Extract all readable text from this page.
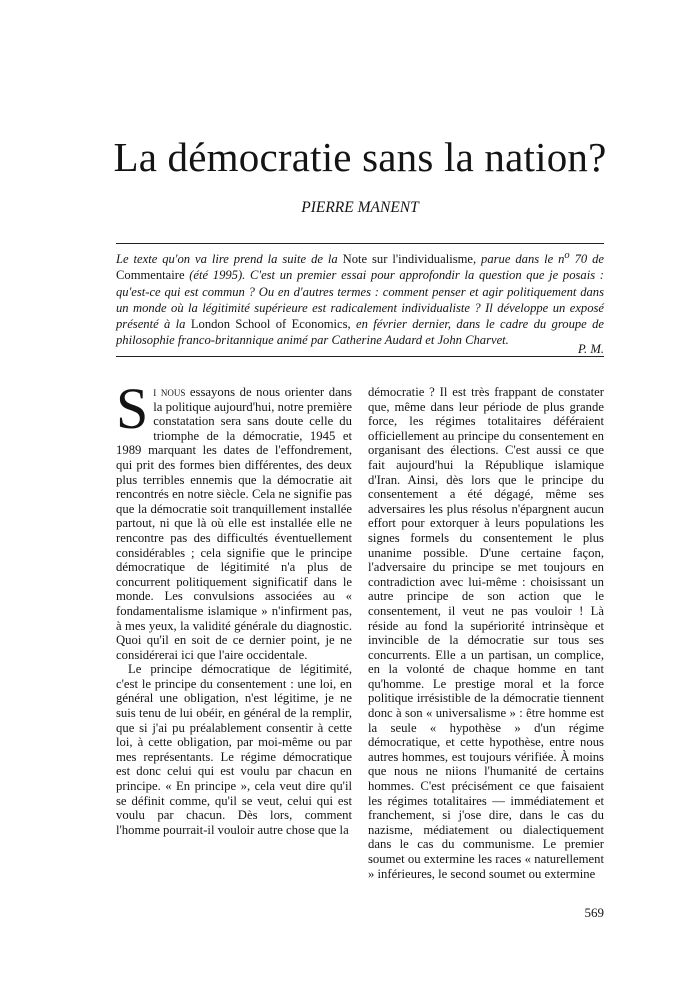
La démocratie sans la nation?
PIERRE MANENT

Le texte qu'on va lire prend la suite de la Note sur l'individualisme, parue dans le $n^o$ 70 de Commentaire (été 1995). C'est un premier essai pour approfondir la question que je posais : qu'est-ce qui est commun ? Ou en d'autres termes : comment penser et agir politiquement dans un monde où la légitimité supérieure est radicalement individualiste ? Il développe un exposé présenté à la London School of Economics, en février dernier, dans le cadre du groupe de philosophie franco-britannique animé par Catherine Audard et John Charvet.

P. M.

Si nous essayons de nous orienter dans la politique aujourd'hui, notre première constatation sera sans doute celle du triomphe de la démocratie, 1945 et 1989 marquant les dates de l'effondrement, qui prit des formes bien différentes, des deux plus terribles ennemis que la démocratie ait rencontrés en notre siècle. Cela ne signifie pas que la démocratie soit tranquillement installée partout, ni que là où elle est installée elle ne rencontre pas des difficultés éventuellement considérables ; cela signifie que le principe démocratique de légitimité n'a plus de concurrent politiquement significatif dans le monde. Les convulsions associées au « fondamentalisme islamique » n'infirment pas, à mes yeux, la validité générale du diagnostic. Quoi qu'il en soit de ce dernier point, je ne considérerai ici que l'aire occidentale.

Le principe démocratique de légitimité, c'est le principe du consentement : une loi, en général une obligation, n'est légitime, je ne suis tenu de lui obéir, en général de la remplir, que si j'ai pu préalablement consentir à cette loi, à cette obligation, par moi-même ou par mes représentants. Le régime démocratique est donc celui qui est voulu par chacun en principe. « En principe », cela veut dire qu'il se définit comme, qu'il se veut, celui qui est voulu par chacun. Dès lors, comment l'homme pourrait-il vouloir autre chose que la

démocratie ? Il est très frappant de constater que, même dans leur période de plus grande force, les régimes totalitaires déféraient officiellement au principe du consentement en organisant des élections. C'est aussi ce que fait aujourd'hui la République islamique d'Iran. Ainsi, dès lors que le principe du consentement a été dégagé, même ses adversaires les plus résolus n'épargnent aucun effort pour extorquer à leurs populations les signes formels du consentement le plus unanime possible. D'une certaine façon, l'adversaire du principe se met toujours en contradiction avec lui-même : choisissant un autre principe de son action que le consentement, il veut ne pas vouloir ! Là réside au fond la supériorité intrinsèque et invincible de la démocratie sur tous ses concurrents. Elle a un partisan, un complice, en la volonté de chaque homme en tant qu'homme. Le prestige moral et la force politique irrésistible de la démocratie tiennent donc à son « universalisme » : être homme est la seule « hypothèse » d'un régime démocratique, et cette hypothèse, entre nous autres hommes, est toujours vérifiée. À moins que nous ne niions l'humanité de certains hommes. C'est précisément ce que faisaient les régimes totalitaires — immédiatement et franchement, si j'ose dire, dans le cas du nazisme, médiatement ou dialectiquement dans le cas du communisme. Le premier soumet ou extermine les races « naturellement » inférieures, le second soumet ou extermine

569
